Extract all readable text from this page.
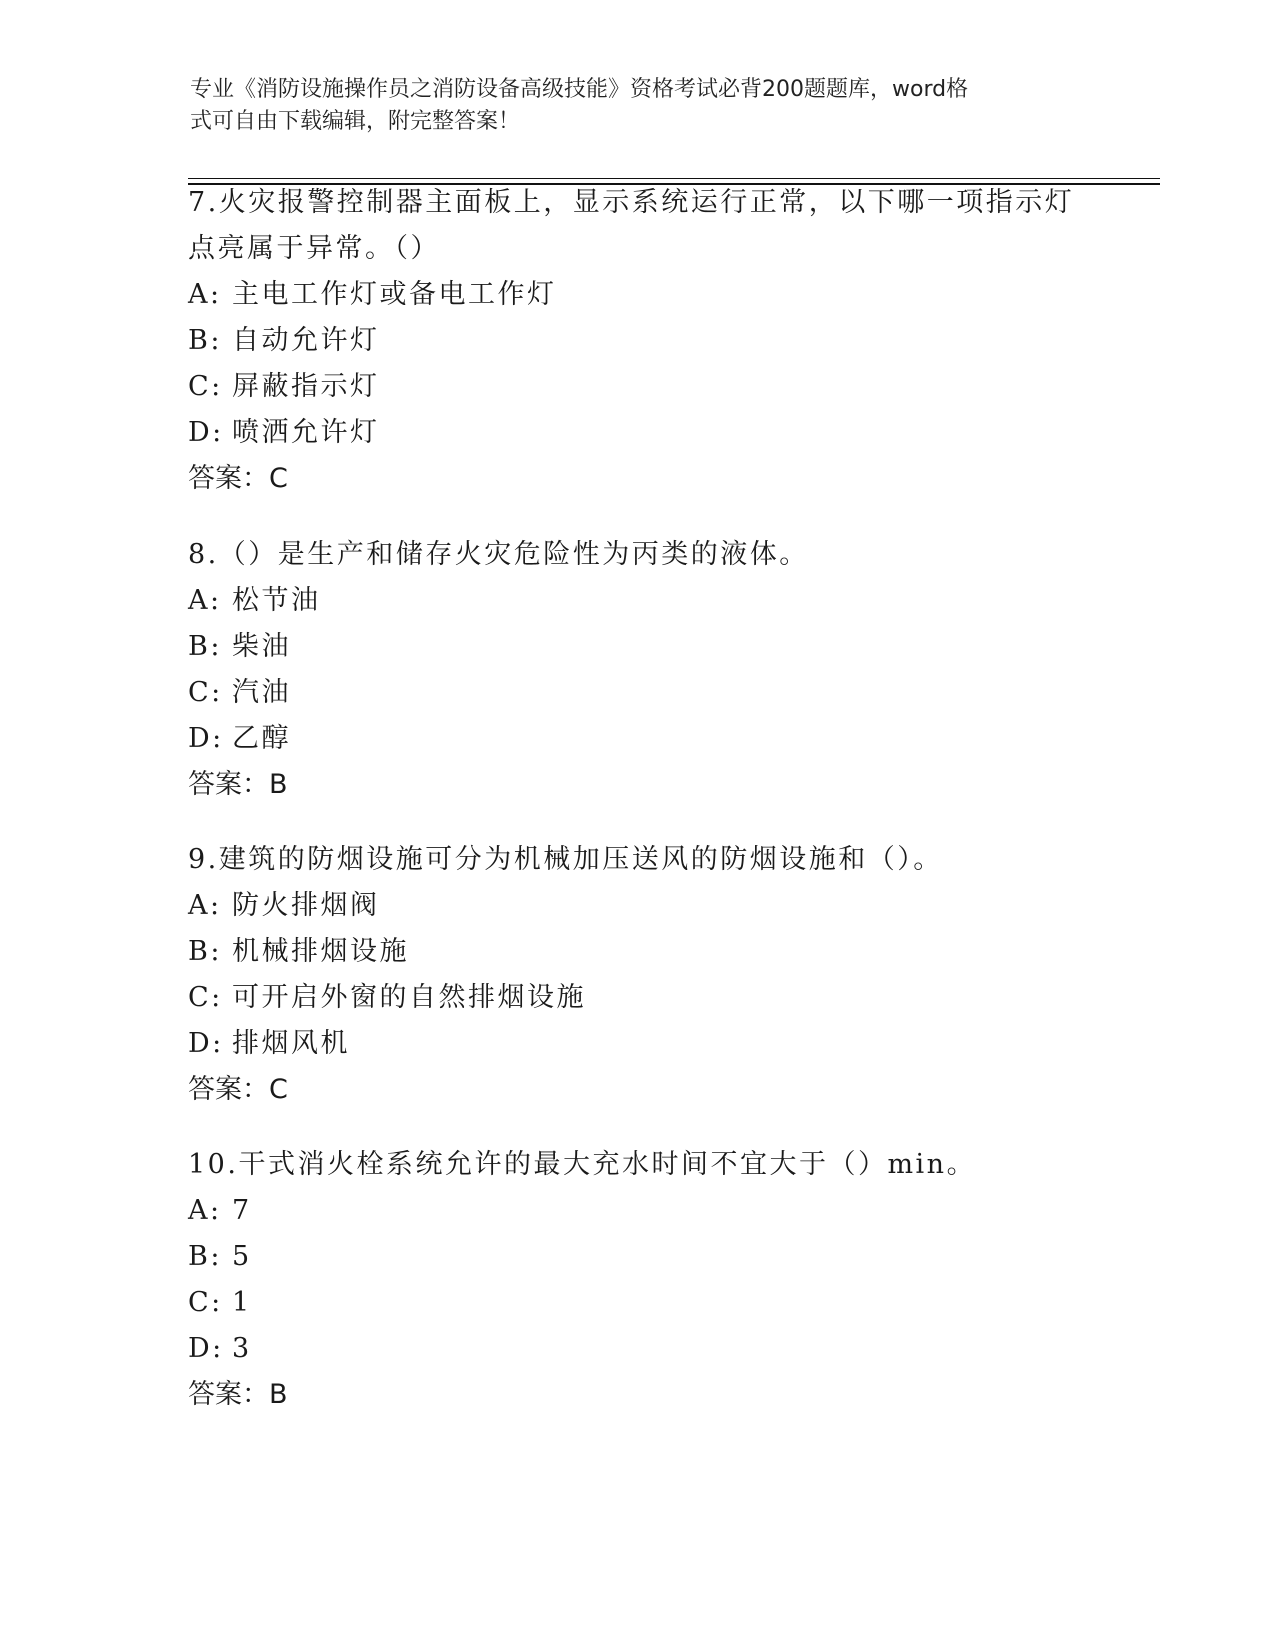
专业《消防设施操作员之消防设备高级技能》资格考试必背200题题库，word格
式可自由下载编辑，附完整答案！
7.火灾报警控制器主面板上，显示系统运行正常，以下哪一项指示灯
点亮属于异常。（）
A: 主电工作灯或备电工作灯
B: 自动允许灯
C: 屏蔽指示灯
D: 喷洒允许灯
答案：C
8.（）是生产和储存火灾危险性为丙类的液体。
A: 松节油
B: 柴油
C: 汽油
D: 乙醇
答案：B
9.建筑的防烟设施可分为机械加压送风的防烟设施和（）。
A: 防火排烟阀
B: 机械排烟设施
C: 可开启外窗的自然排烟设施
D: 排烟风机
答案：C
10.干式消火栓系统允许的最大充水时间不宜大于（）min。
A: 7
B: 5
C: 1
D: 3
答案：B
